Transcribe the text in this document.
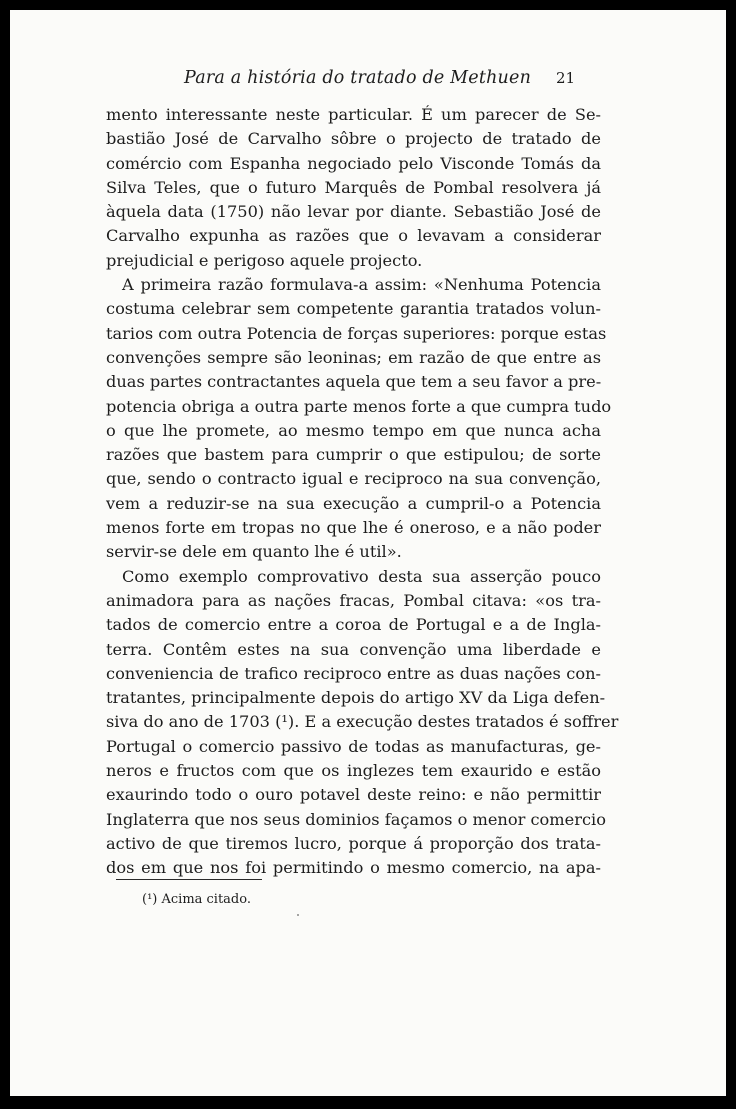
Para a história do tratado de Methuen 21
mento interessante neste particular. É um parecer de Se-
bastião José de Carvalho sôbre o projecto de tratado de
comércio com Espanha negociado pelo Visconde Tomás da
Silva Teles, que o futuro Marquês de Pombal resolvera já
àquela data (1750) não levar por diante. Sebastião José de
Carvalho expunha as razões que o levavam a considerar
prejudicial e perigoso aquele projecto.
A primeira razão formulava-a assim: «Nenhuma Potencia
costuma celebrar sem competente garantia tratados volun-
tarios com outra Potencia de forças superiores: porque estas
convenções sempre são leoninas; em razão de que entre as
duas partes contractantes aquela que tem a seu favor a pre-
potencia obriga a outra parte menos forte a que cumpra tudo
o que lhe promete, ao mesmo tempo em que nunca acha
razões que bastem para cumprir o que estipulou; de sorte
que, sendo o contracto igual e reciproco na sua convenção,
vem a reduzir-se na sua execução a cumpril-o a Potencia
menos forte em tropas no que lhe é oneroso, e a não poder
servir-se dele em quanto lhe é util».
Como exemplo comprovativo desta sua asserção pouco
animadora para as nações fracas, Pombal citava: «os tra-
tados de comercio entre a coroa de Portugal e a de Ingla-
terra. Contêm estes na sua convenção uma liberdade e
conveniencia de trafico reciproco entre as duas nações con-
tratantes, principalmente depois do artigo XV da Liga defen-
siva do ano de 1703 (¹). E a execução destes tratados é soffrer
Portugal o comercio passivo de todas as manufacturas, ge-
neros e fructos com que os inglezes tem exaurido e estão
exaurindo todo o ouro potavel deste reino: e não permittir
Inglaterra que nos seus dominios façamos o menor comercio
activo de que tiremos lucro, porque á proporção dos trata-
dos em que nos foi permitindo o mesmo comercio, na apa-
(¹) Acima citado.
